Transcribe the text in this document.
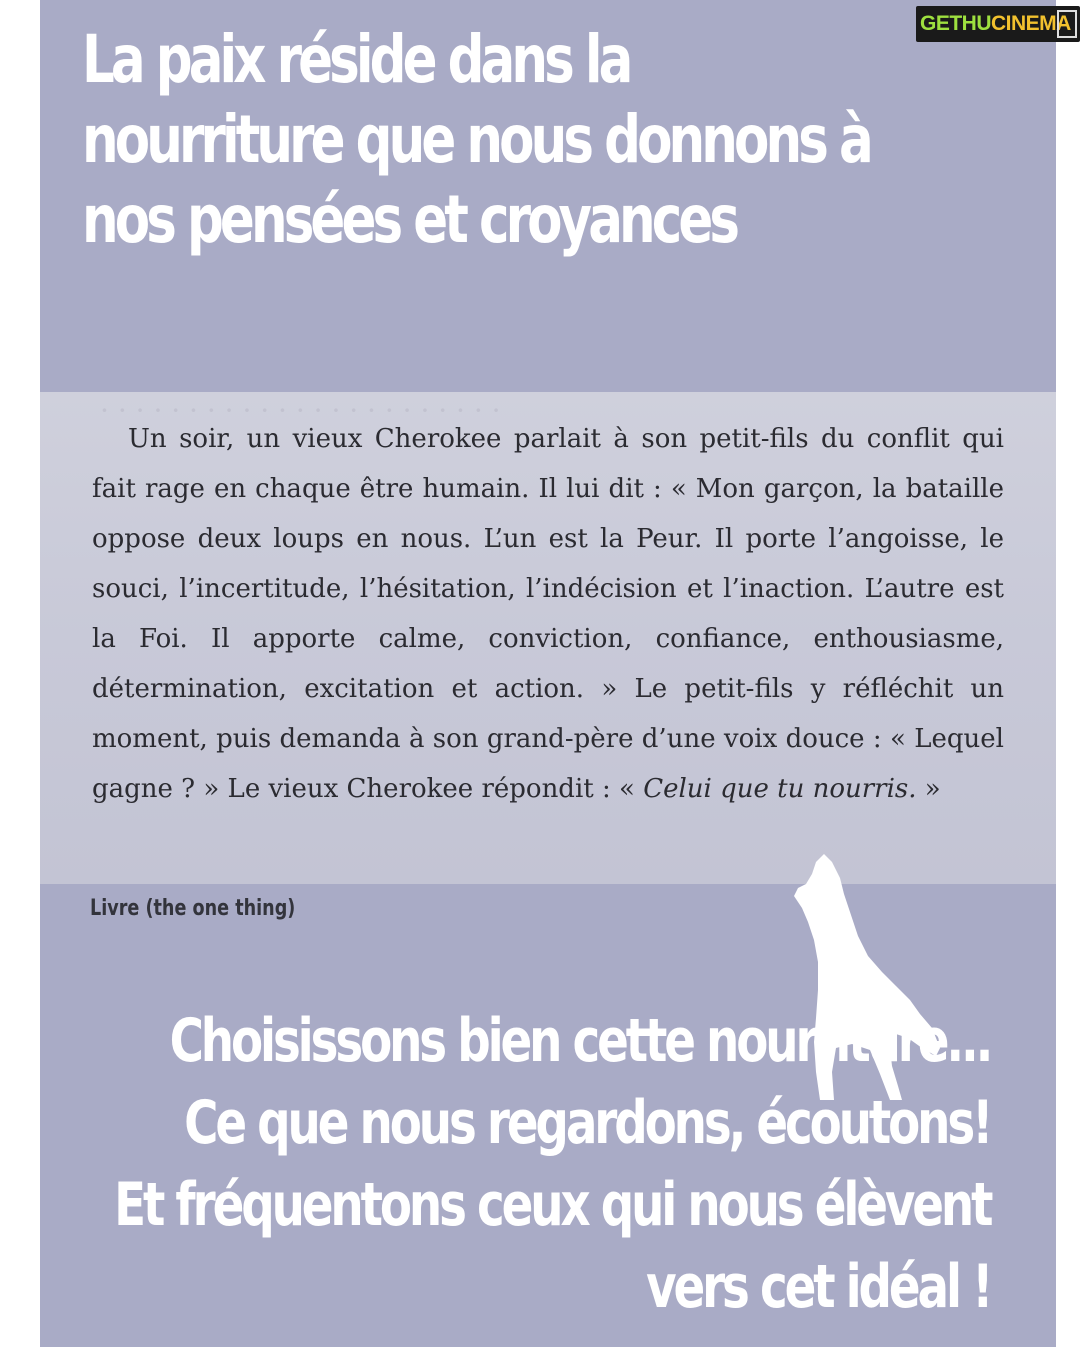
La paix réside dans la
nourriture que nous donnons à
nos pensées et croyances
· · · · · · · · · · · · · · · · · · · · · · ·

Un soir, un vieux Cherokee parlait à son petit-fils du conflit qui fait rage en chaque être humain. Il lui dit : « Mon garçon, la bataille oppose deux loups en nous. L’un est la Peur. Il porte l’angoisse, le souci, l’incertitude, l’hésitation, l’indécision et l’inaction. L’autre est la Foi. Il apporte calme, conviction, confiance, enthousiasme, détermination, excitation et action. » Le petit-fils y réfléchit un moment, puis demanda à son grand-père d’une voix douce : « Lequel gagne ? » Le vieux Cherokee répondit : « Celui que tu nourris. »

Livre (the one thing)

Choisissons bien cette nourriture...
Ce que nous regardons, écoutons!
Et fréquentons ceux qui nous élèvent
vers cet idéal !
GETHUCINEMA
